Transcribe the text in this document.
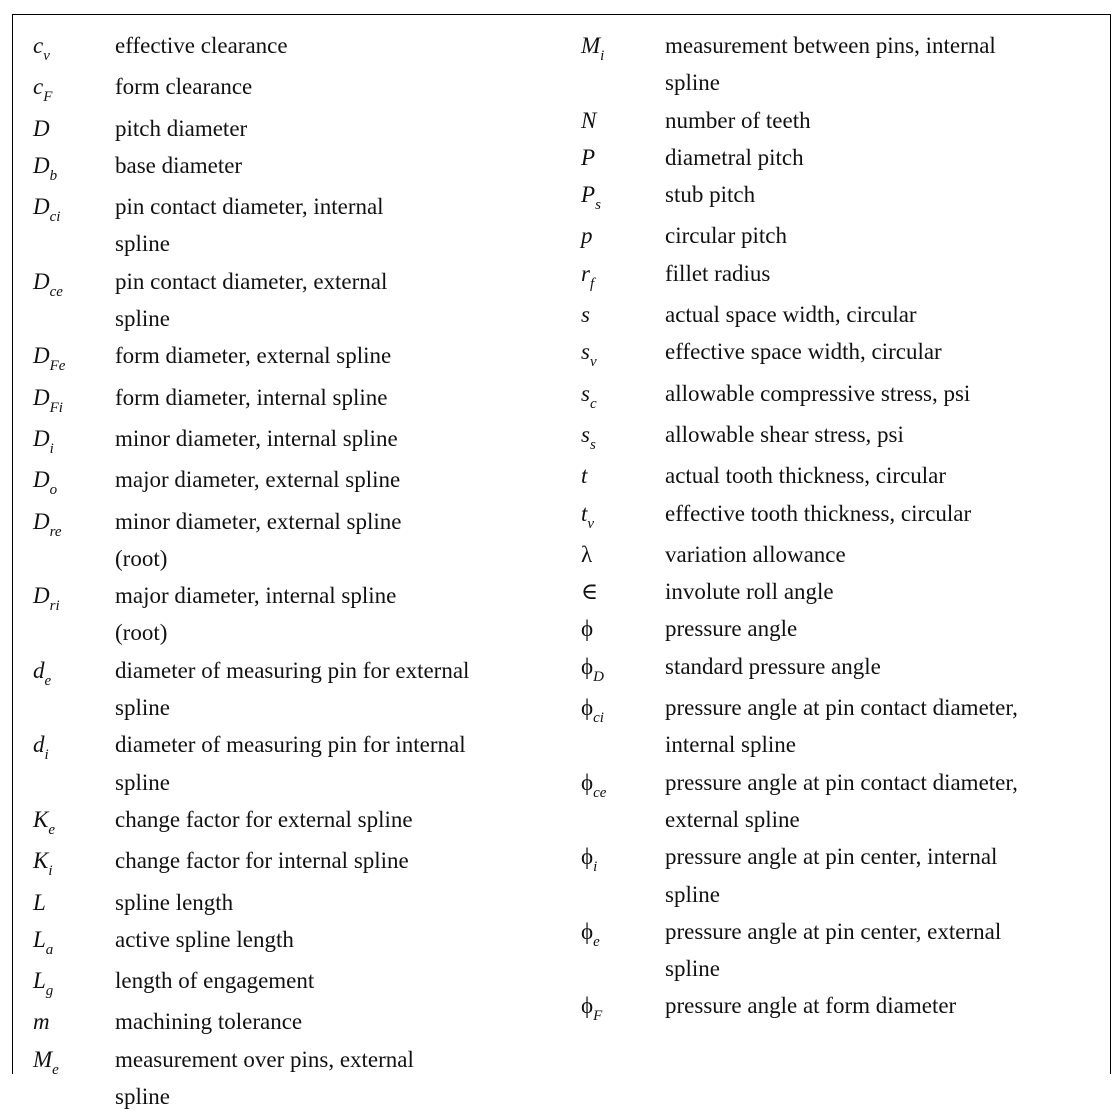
$c_v$	effective clearance
$c_F$	form clearance
D	pitch diameter
$D_b$	base diameter
$D_{ci}$	pin contact diameter, internal
spline
$D_{ce}$	pin contact diameter, external
spline
$D_{Fe}$	form diameter, external spline
$D_{Fi}$	form diameter, internal spline
$D_i$	minor diameter, internal spline
$D_o$	major diameter, external spline
$D_{re}$	minor diameter, external spline
(root)
$D_{ri}$	major diameter, internal spline
(root)
$d_e$	diameter of measuring pin for external
spline
$d_i$	diameter of measuring pin for internal
spline
$K_e$	change factor for external spline
$K_i$	change factor for internal spline
L	spline length
$L_a$	active spline length
$L_g$	length of engagement
m	machining tolerance
$M_e$	measurement over pins, external
spline
$M_i$	measurement between pins, internal
spline
N	number of teeth
P	diametral pitch
$P_s$	stub pitch
p	circular pitch
$r_f$	fillet radius
s	actual space width, circular
$s_v$	effective space width, circular
$s_c$	allowable compressive stress, psi
$s_s$	allowable shear stress, psi
t	actual tooth thickness, circular
$t_v$	effective tooth thickness, circular
λ	variation allowance
∈	involute roll angle
ϕ	pressure angle
$\phi_D$	standard pressure angle
$\phi_{ci}$	pressure angle at pin contact diameter,
internal spline
$\phi_{ce}$	pressure angle at pin contact diameter,
external spline
$\phi_i$	pressure angle at pin center, internal
spline
$\phi_e$	pressure angle at pin center, external
spline
$\phi_F$	pressure angle at form diameter
